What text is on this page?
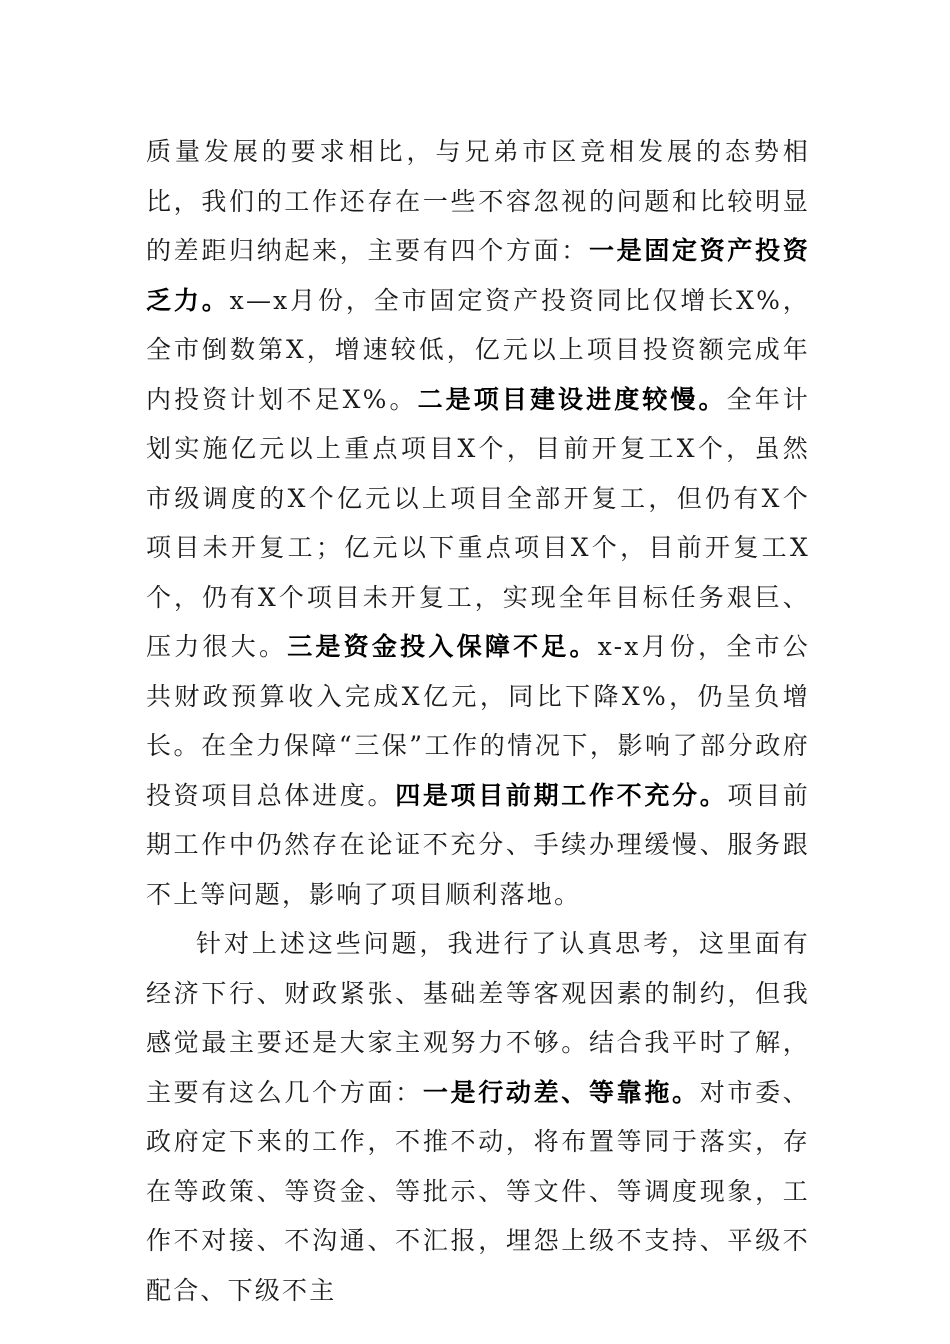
质量发展的要求相比，与兄弟市区竞相发展的态势相比，我们的工作还存在一些不容忽视的问题和比较明显的差距归纳起来，主要有四个方面：一是固定资产投资乏力。x—x月份，全市固定资产投资同比仅增长X%，全市倒数第X，增速较低，亿元以上项目投资额完成年内投资计划不足X%。二是项目建设进度较慢。全年计划实施亿元以上重点项目X个，目前开复工X个，虽然市级调度的X个亿元以上项目全部开复工，但仍有X个项目未开复工；亿元以下重点项目X个，目前开复工X个，仍有X个项目未开复工，实现全年目标任务艰巨、压力很大。三是资金投入保障不足。x-x月份，全市公共财政预算收入完成X亿元，同比下降X%，仍呈负增长。在全力保障“三保”工作的情况下，影响了部分政府投资项目总体进度。四是项目前期工作不充分。项目前期工作中仍然存在论证不充分、手续办理缓慢、服务跟不上等问题，影响了项目顺利落地。

针对上述这些问题，我进行了认真思考，这里面有经济下行、财政紧张、基础差等客观因素的制约，但我感觉最主要还是大家主观努力不够。结合我平时了解，主要有这么几个方面：一是行动差、等靠拖。对市委、政府定下来的工作，不推不动，将布置等同于落实，存在等政策、等资金、等批示、等文件、等调度现象，工作不对接、不沟通、不汇报，埋怨上级不支持、平级不配合、下级不主
